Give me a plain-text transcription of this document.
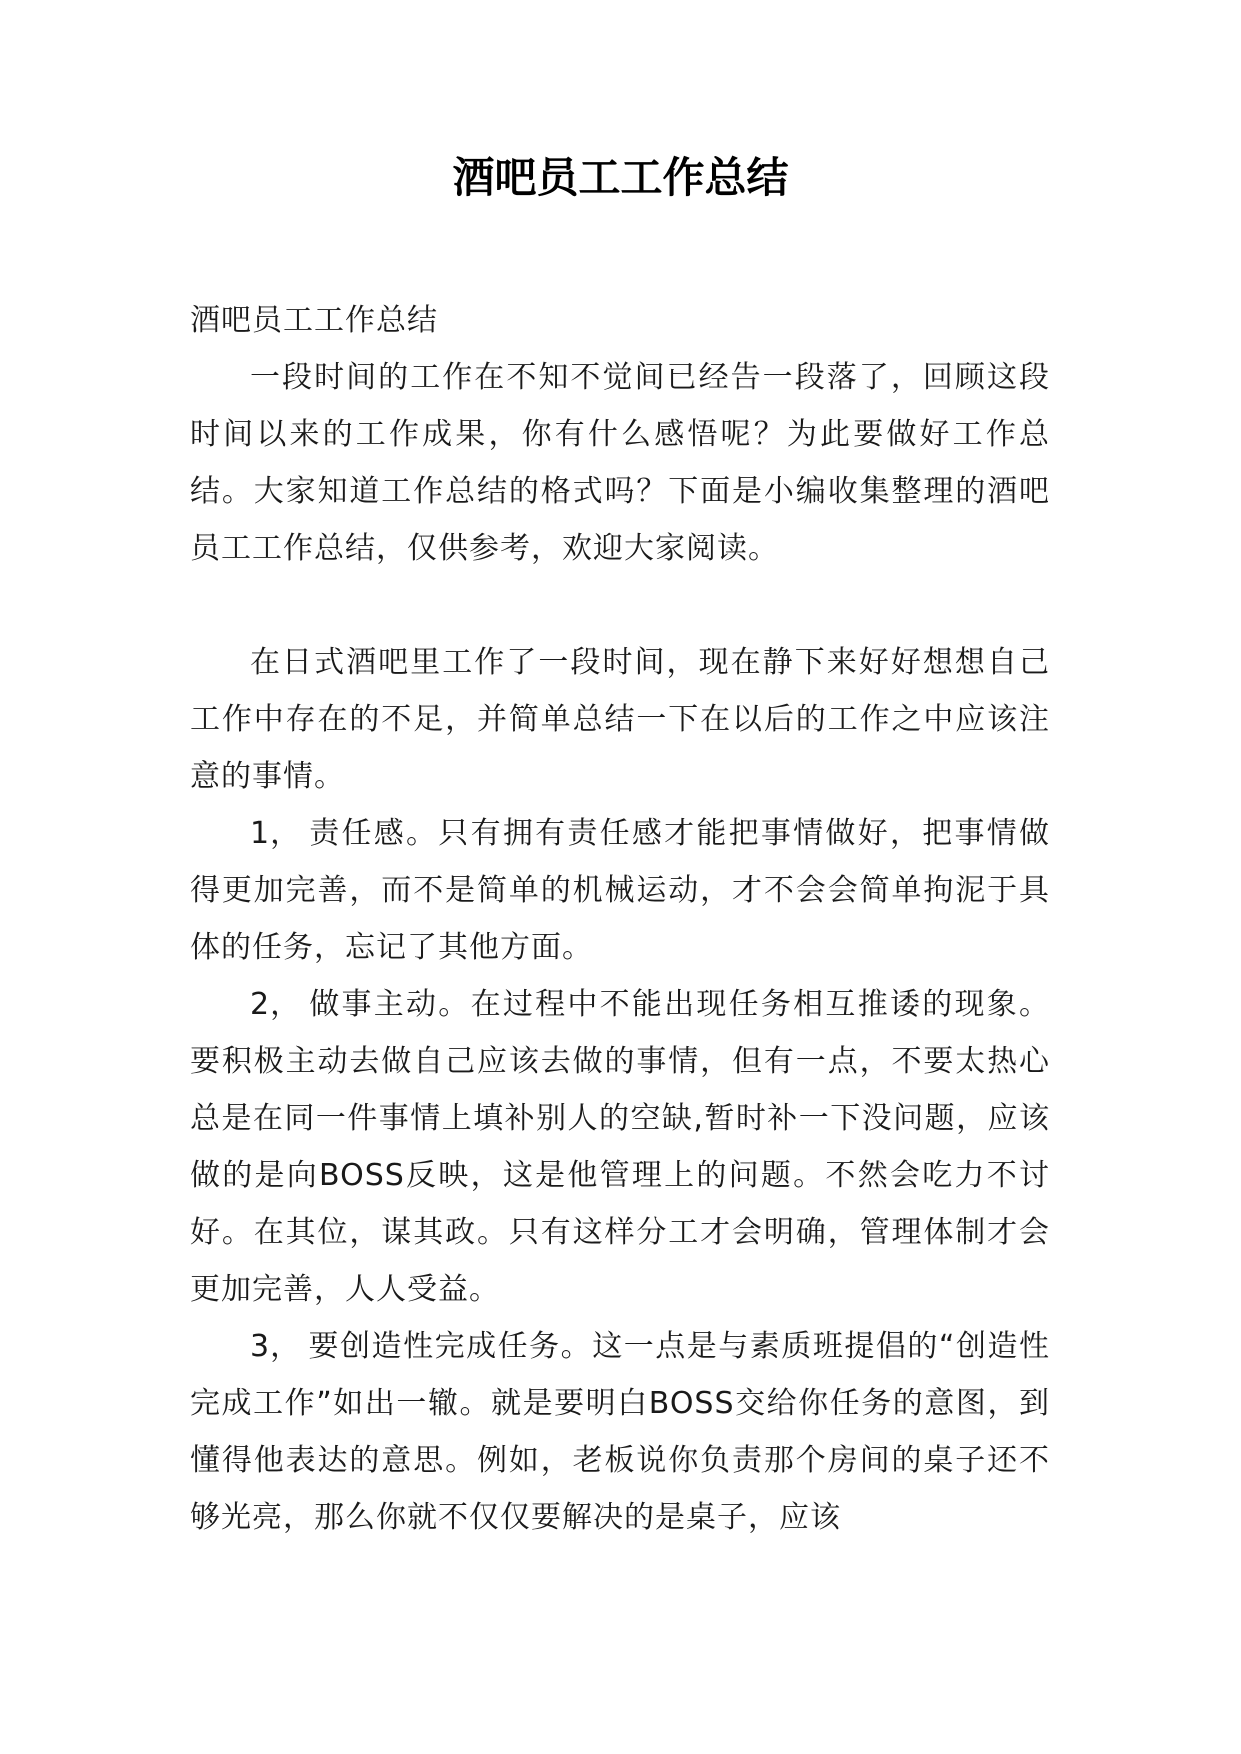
酒吧员工工作总结

酒吧员工工作总结

一段时间的工作在不知不觉间已经告一段落了，回顾这段时间以来的工作成果，你有什么感悟呢？为此要做好工作总结。大家知道工作总结的格式吗？下面是小编收集整理的酒吧员工工作总结，仅供参考，欢迎大家阅读。

在日式酒吧里工作了一段时间，现在静下来好好想想自己工作中存在的不足，并简单总结一下在以后的工作之中应该注意的事情。

1， 责任感。只有拥有责任感才能把事情做好，把事情做得更加完善，而不是简单的机械运动，才不会会简单拘泥于具体的任务，忘记了其他方面。

2， 做事主动。在过程中不能出现任务相互推诿的现象。要积极主动去做自己应该去做的事情，但有一点，不要太热心总是在同一件事情上填补别人的空缺,暂时补一下没问题，应该做的是向BOSS反映，这是他管理上的问题。不然会吃力不讨好。在其位，谋其政。只有这样分工才会明确，管理体制才会更加完善，人人受益。

3， 要创造性完成任务。这一点是与素质班提倡的“创造性完成工作”如出一辙。就是要明白BOSS交给你任务的意图，到懂得他表达的意思。例如，老板说你负责那个房间的桌子还不够光亮，那么你就不仅仅要解决的是桌子，应该
